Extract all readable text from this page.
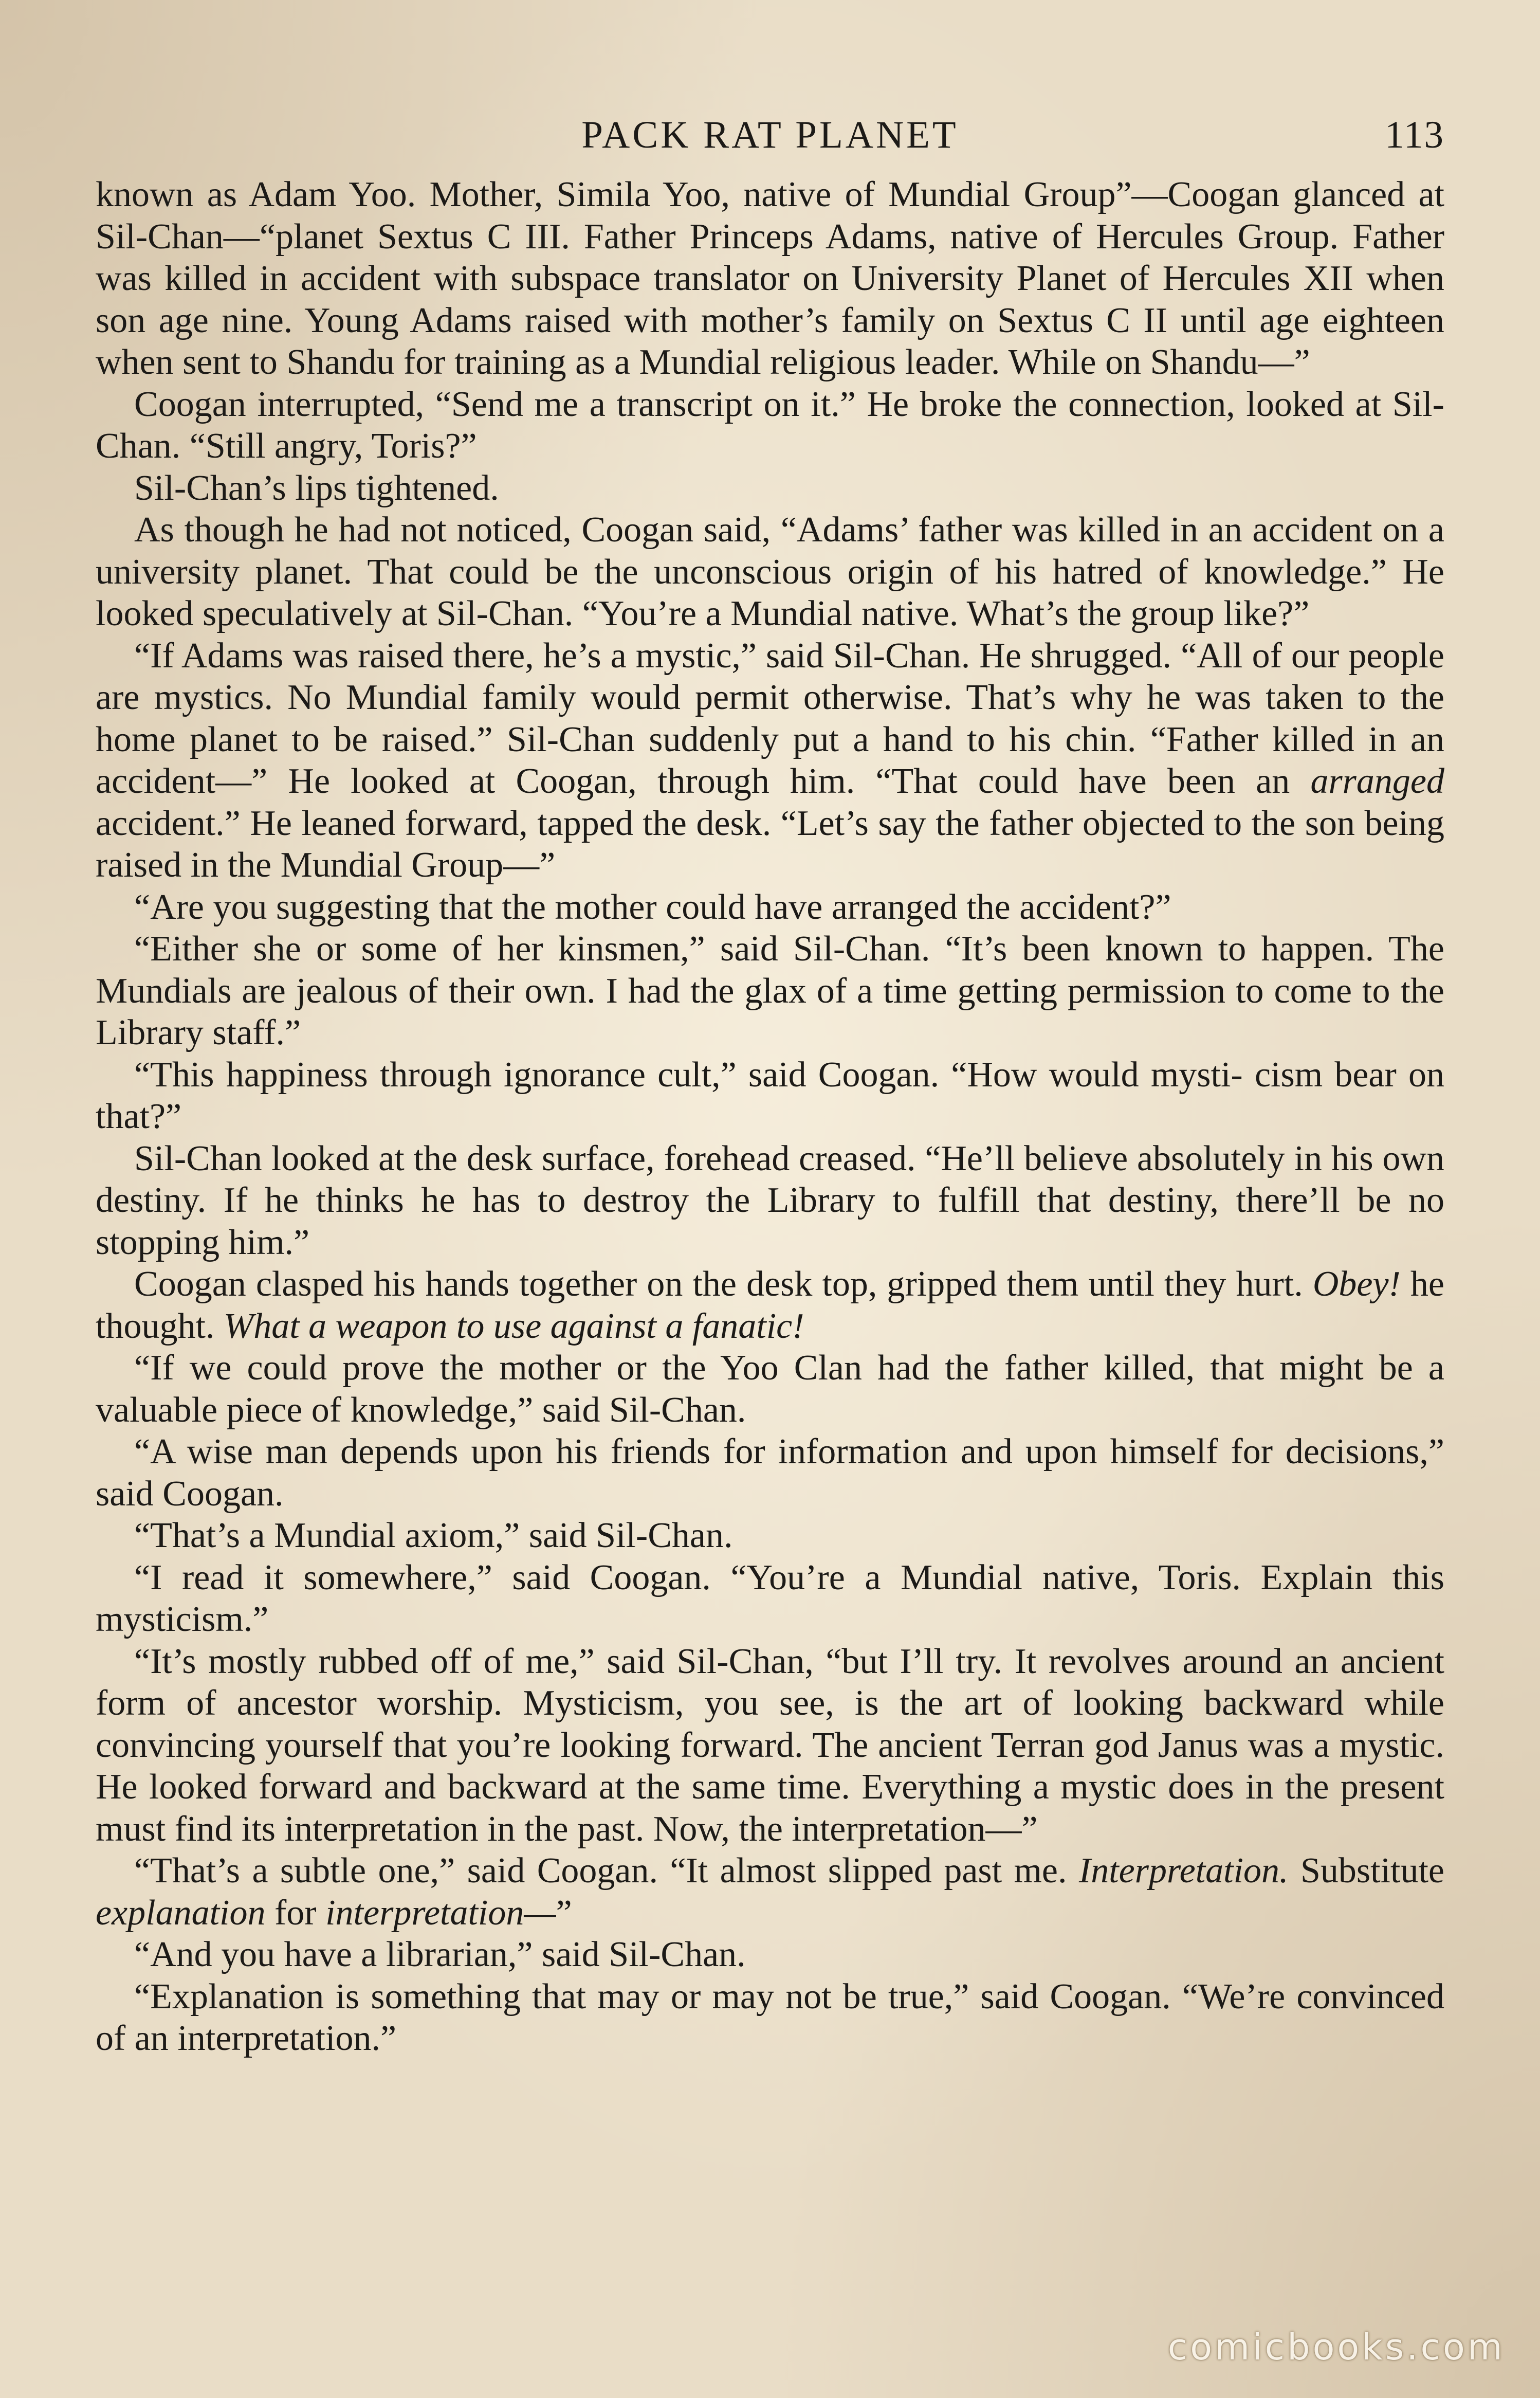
PACK RAT PLANET	113

known as Adam Yoo. Mother, Simila Yoo, native of Mundial Group”—Coogan glanced at Sil-Chan—“planet Sextus C III. Father Princeps Adams, native of Hercules Group. Father was killed in accident with subspace translator on University Planet of Hercules XII when son age nine. Young Adams raised with mother’s family on Sextus C II until age eighteen when sent to Shandu for training as a Mundial religious leader. While on Shandu—”

Coogan interrupted, “Send me a transcript on it.” He broke the connection, looked at Sil-Chan. “Still angry, Toris?”

Sil-Chan’s lips tightened.

As though he had not noticed, Coogan said, “Adams’ father was killed in an accident on a university planet. That could be the unconscious origin of his hatred of knowledge.” He looked speculatively at Sil-Chan. “You’re a Mundial native. What’s the group like?”

“If Adams was raised there, he’s a mystic,” said Sil-Chan. He shrugged. “All of our people are mystics. No Mundial family would permit otherwise. That’s why he was taken to the home planet to be raised.” Sil-Chan suddenly put a hand to his chin. “Father killed in an accident—” He looked at Coogan, through him. “That could have been an arranged accident.” He leaned forward, tapped the desk. “Let’s say the father objected to the son being raised in the Mundial Group—”

“Are you suggesting that the mother could have arranged the accident?”

“Either she or some of her kinsmen,” said Sil-Chan. “It’s been known to happen. The Mundials are jealous of their own. I had the glax of a time getting permission to come to the Library staff.”

“This happiness through ignorance cult,” said Coogan. “How would mysti- cism bear on that?”

Sil-Chan looked at the desk surface, forehead creased. “He’ll believe absolutely in his own destiny. If he thinks he has to destroy the Library to fulfill that destiny, there’ll be no stopping him.”

Coogan clasped his hands together on the desk top, gripped them until they hurt. Obey! he thought. What a weapon to use against a fanatic!

“If we could prove the mother or the Yoo Clan had the father killed, that might be a valuable piece of knowledge,” said Sil-Chan.

“A wise man depends upon his friends for information and upon himself for decisions,” said Coogan.

“That’s a Mundial axiom,” said Sil-Chan.

“I read it somewhere,” said Coogan. “You’re a Mundial native, Toris. Explain this mysticism.”

“It’s mostly rubbed off of me,” said Sil-Chan, “but I’ll try. It revolves around an ancient form of ancestor worship. Mysticism, you see, is the art of looking backward while convincing yourself that you’re looking forward. The ancient Terran god Janus was a mystic. He looked forward and backward at the same time. Everything a mystic does in the present must find its interpretation in the past. Now, the interpretation—”

“That’s a subtle one,” said Coogan. “It almost slipped past me. Interpretation. Substitute explanation for interpretation—”

“And you have a librarian,” said Sil-Chan.

“Explanation is something that may or may not be true,” said Coogan. “We’re convinced of an interpretation.”

comicbooks.com
